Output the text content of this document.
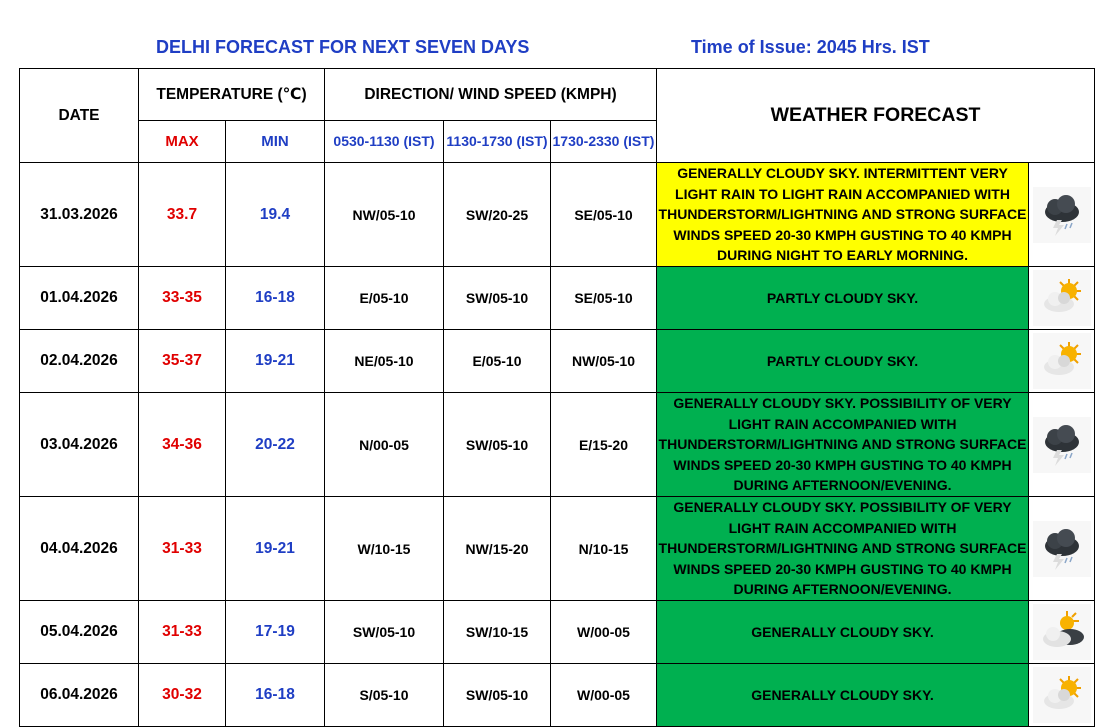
DELHI FORECAST FOR NEXT SEVEN DAYS	Time of Issue: 2045 Hrs. IST
DATE	TEMPERATURE (℃)		DIRECTION/ WIND SPEED (KMPH)			WEATHER FORECAST	
	MAX	MIN	0530-1130 (IST)	1130-1730 (IST)	1730-2330 (IST)		
31.03.2026	33.7	19.4	NW/05-10	SW/20-25	SE/05-10	GENERALLY CLOUDY SKY. INTERMITTENT VERY LIGHT RAIN TO LIGHT RAIN ACCOMPANIED WITH THUNDERSTORM/LIGHTNING AND STRONG SURFACE WINDS SPEED 20-30 KMPH GUSTING TO 40 KMPH DURING NIGHT TO EARLY MORNING.	

01.04.2026	33-35	16-18	E/05-10	SW/05-10	SE/05-10	PARTLY CLOUDY SKY.	

02.04.2026	35-37	19-21	NE/05-10	E/05-10	NW/05-10	PARTLY CLOUDY SKY.	

03.04.2026	34-36	20-22	N/00-05	SW/05-10	E/15-20	GENERALLY CLOUDY SKY. POSSIBILITY OF VERY LIGHT RAIN ACCOMPANIED WITH THUNDERSTORM/LIGHTNING AND STRONG SURFACE WINDS SPEED 20-30 KMPH GUSTING TO 40 KMPH DURING AFTERNOON/EVENING.	

04.04.2026	31-33	19-21	W/10-15	NW/15-20	N/10-15	GENERALLY CLOUDY SKY. POSSIBILITY OF VERY LIGHT RAIN ACCOMPANIED WITH THUNDERSTORM/LIGHTNING AND STRONG SURFACE WINDS SPEED 20-30 KMPH GUSTING TO 40 KMPH DURING AFTERNOON/EVENING.	

05.04.2026	31-33	17-19	SW/05-10	SW/10-15	W/00-05	GENERALLY CLOUDY SKY.	

06.04.2026	30-32	16-18	S/05-10	SW/05-10	W/00-05	GENERALLY CLOUDY SKY.	
